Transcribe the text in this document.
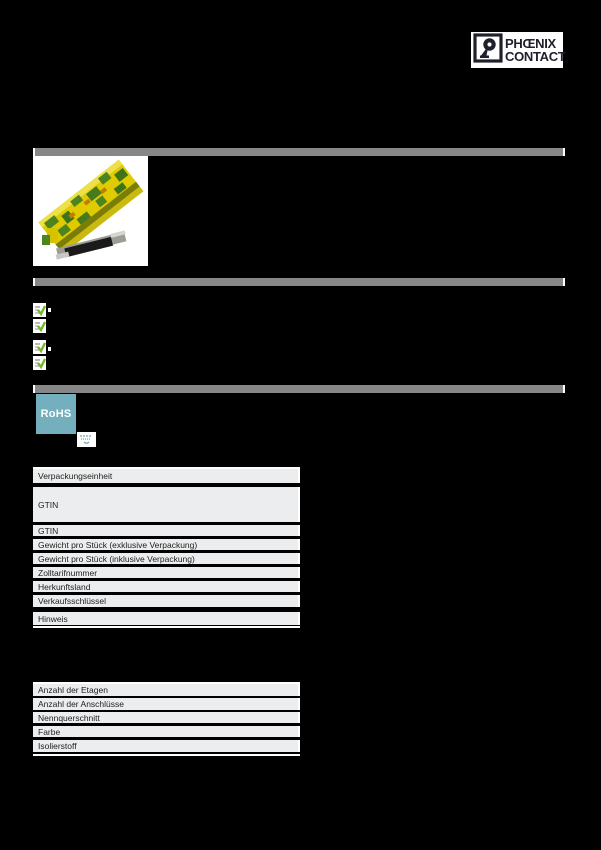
PHŒNIX
CONTACT
RoHS
Verpackungseinheit
GTIN
GTIN
Gewicht pro Stück (exklusive Verpackung)
Gewicht pro Stück (inklusive Verpackung)
Zolltarifnummer
Herkunftsland
Verkaufsschlüssel
Hinweis
Anzahl der Etagen
Anzahl der Anschlüsse
Nennquerschnitt
Farbe
Isolierstoff
